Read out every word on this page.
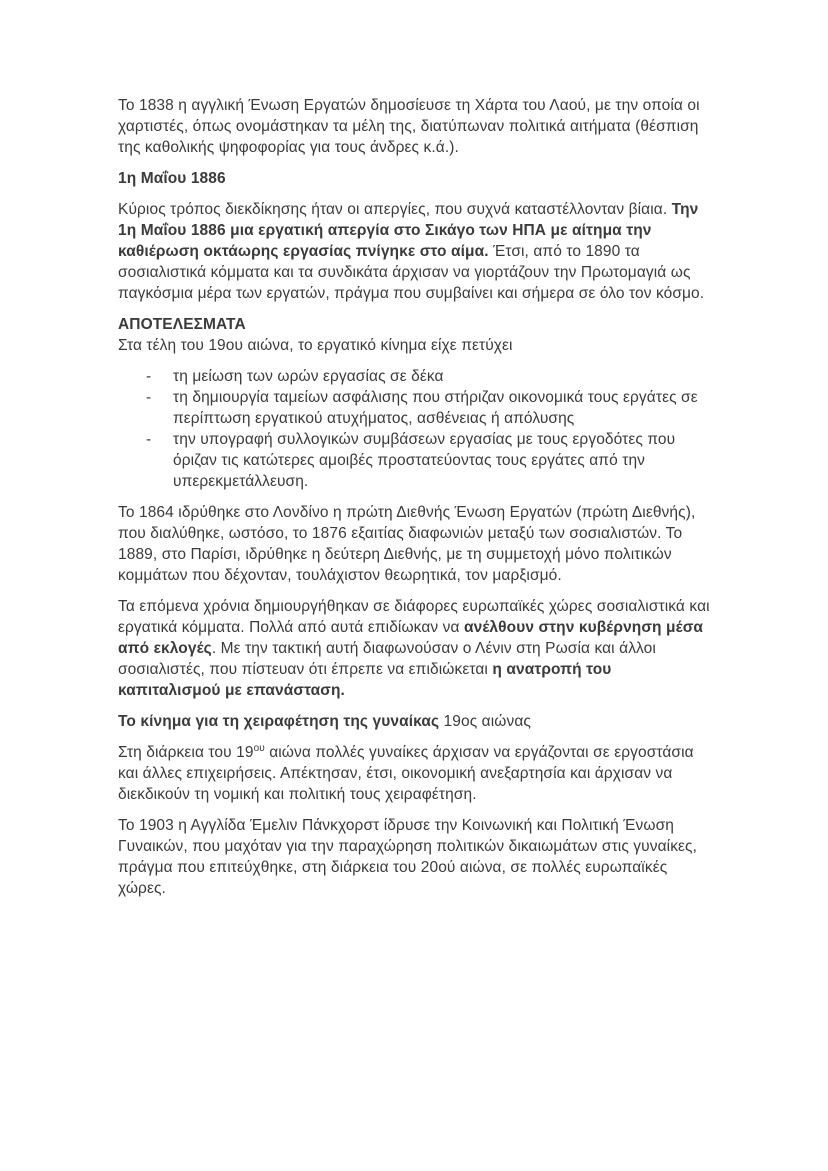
Το 1838 η αγγλική Ένωση Εργατών δημοσίευσε τη Χάρτα του Λαού, με την οποία οι χαρτιστές, όπως ονομάστηκαν τα μέλη της, διατύπωναν πολιτικά αιτήματα (θέσπιση της καθολικής ψηφοφορίας για τους άνδρες κ.ά.).

1η Μαΐου 1886

Κύριος τρόπος διεκδίκησης ήταν οι απεργίες, που συχνά καταστέλλονταν βίαια. Την 1η Μαΐου 1886 μια εργατική απεργία στο Σικάγο των ΗΠΑ με αίτημα την καθιέρωση οκτάωρης εργασίας πνίγηκε στο αίμα. Έτσι, από το 1890 τα σοσιαλιστικά κόμματα και τα συνδικάτα άρχισαν να γιορτάζουν την Πρωτομαγιά ως παγκόσμια μέρα των εργατών, πράγμα που συμβαίνει και σήμερα σε όλο τον κόσμο.

ΑΠΟΤΕΛΕΣΜΑΤΑ

Στα τέλη του 19ου αιώνα, το εργατικό κίνημα είχε πετύχει

- τη μείωση των ωρών εργασίας σε δέκα
- τη δημιουργία ταμείων ασφάλισης που στήριζαν οικονομικά τους εργάτες σε περίπτωση εργατικού ατυχήματος, ασθένειας ή απόλυσης
- την υπογραφή συλλογικών συμβάσεων εργασίας με τους εργοδότες που όριζαν τις κατώτερες αμοιβές προστατεύοντας τους εργάτες από την υπερεκμετάλλευση.

Το 1864 ιδρύθηκε στο Λονδίνο η πρώτη Διεθνής Ένωση Εργατών (πρώτη Διεθνής), που διαλύθηκε, ωστόσο, το 1876 εξαιτίας διαφωνιών μεταξύ των σοσιαλιστών. Το 1889, στο Παρίσι, ιδρύθηκε η δεύτερη Διεθνής, με τη συμμετοχή μόνο πολιτικών κομμάτων που δέχονταν, τουλάχιστον θεωρητικά, τον μαρξισμό.

Τα επόμενα χρόνια δημιουργήθηκαν σε διάφορες ευρωπαϊκές χώρες σοσιαλιστικά και εργατικά κόμματα. Πολλά από αυτά επιδίωκαν να ανέλθουν στην κυβέρνηση μέσα από εκλογές. Με την τακτική αυτή διαφωνούσαν ο Λένιν στη Ρωσία και άλλοι σοσιαλιστές, που πίστευαν ότι έπρεπε να επιδιώκεται η ανατροπή του καπιταλισμού με επανάσταση.

Το κίνημα για τη χειραφέτηση της γυναίκας 19ος αιώνας

Στη διάρκεια του $19^{o\upsilon}$ αιώνα πολλές γυναίκες άρχισαν να εργάζονται σε εργοστάσια και άλλες επιχειρήσεις. Απέκτησαν, έτσι, οικονομική ανεξαρτησία και άρχισαν να διεκδικούν τη νομική και πολιτική τους χειραφέτηση.

Το 1903 η Αγγλίδα Έμελιν Πάνκχορστ ίδρυσε την Κοινωνική και Πολιτική Ένωση Γυναικών, που μαχόταν για την παραχώρηση πολιτικών δικαιωμάτων στις γυναίκες, πράγμα που επιτεύχθηκε, στη διάρκεια του 20ού αιώνα, σε πολλές ευρωπαϊκές χώρες.
